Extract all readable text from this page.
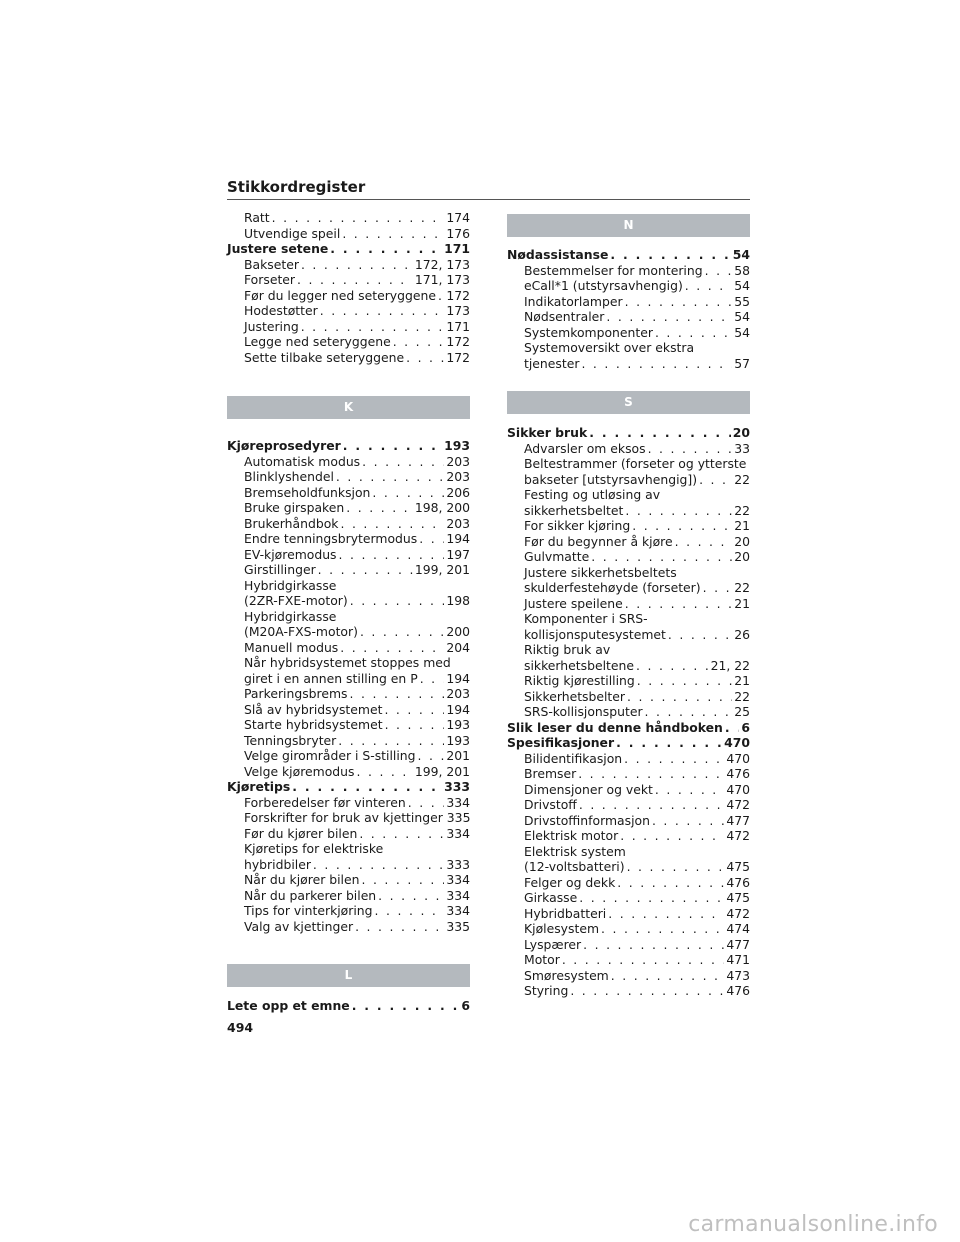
Stikkordregister
Ratt . . .	174
Utvendige speil . . .	176
Justere setene . . .	171
Bakseter . . .	172, 173
Forseter . . .	171, 173
Før du legger ned seteryggene . . . 172
Hodestøtter . . .	173
Justering . . .	171
Legge ned seteryggene . . .	172
Sette tilbake seteryggene . . .	172
K
Kjøreprosedyrer . . .	193
Automatisk modus . . .	203
Blinklyshendel . . .	203
Bremseholdfunksjon . . .	206
Bruke girspaken . . .	198, 200
Brukerhåndbok . . .	203
Endre tenningsbrytermodus . . . 194
EV-kjøremodus . . .	197
Girstillinger . . .	199, 201
Hybridgirkasse
(2ZR-FXE-motor) . . .	198
Hybridgirkasse
(M20A-FXS-motor) . . .	200
Manuell modus . . .	204
Når hybridsystemet stoppes med
giret i en annen stilling en P . . . 194
Parkeringsbrems . . .	203
Slå av hybridsystemet . . .	194
Starte hybridsystemet . . .	193
Tenningsbryter . . .	193
Velge girområder i S-stilling . . . 201
Velge kjøremodus . . .	199, 201
Kjøretips . . .	333
Forberedelser før vinteren . . .	334
Forskrifter for bruk av kjettinger 335
Før du kjører bilen . . .	334
Kjøretips for elektriske
hybridbiler . . .	333
Når du kjører bilen . . .	334
Når du parkerer bilen . . .	334
Tips for vinterkjøring . . .	334
Valg av kjettinger . . .	335
L
Lete opp et emne . . .	6
N
Nødassistanse . . .	54
Bestemmelser for montering . . .	58
eCall*1 (utstyrsavhengig) . . .	54
Indikatorlamper . . .	55
Nødsentraler . . .	54
Systemkomponenter . . .	54
Systemoversikt over ekstra
tjenester . . .	57
S
Sikker bruk . . .	20
Advarsler om eksos . . .	33
Beltestrammer (forseter og ytterste
bakseter [utstyrsavhengig]) . . .	22
Festing og utløsing av
sikkerhetsbeltet . . .	22
For sikker kjøring . . .	21
Før du begynner å kjøre . . .	20
Gulvmatte . . .	20
Justere sikkerhetsbeltets
skulderfestehøyde (forseter) . . .	22
Justere speilene . . .	21
Komponenter i SRS-
kollisjonsputesystemet . . .	26
Riktig bruk av
sikkerhetsbeltene . . .	21, 22
Riktig kjørestilling . . .	21
Sikkerhetsbelter . . .	22
SRS-kollisjonsputer . . .	25
Slik leser du denne håndboken . . . 6
Spesifikasjoner . . .	470
Bilidentifikasjon . . .	470
Bremser . . .	476
Dimensjoner og vekt . . .	470
Drivstoff . . .	472
Drivstoffinformasjon . . .	477
Elektrisk motor . . .	472
Elektrisk system
(12-voltsbatteri) . . .	475
Felger og dekk . . .	476
Girkasse . . .	475
Hybridbatteri . . .	472
Kjølesystem . . .	474
Lyspærer . . .	477
Motor . . .	471
Smøresystem . . .	473
Styring . . .	476
494
carmanualsonline.info
